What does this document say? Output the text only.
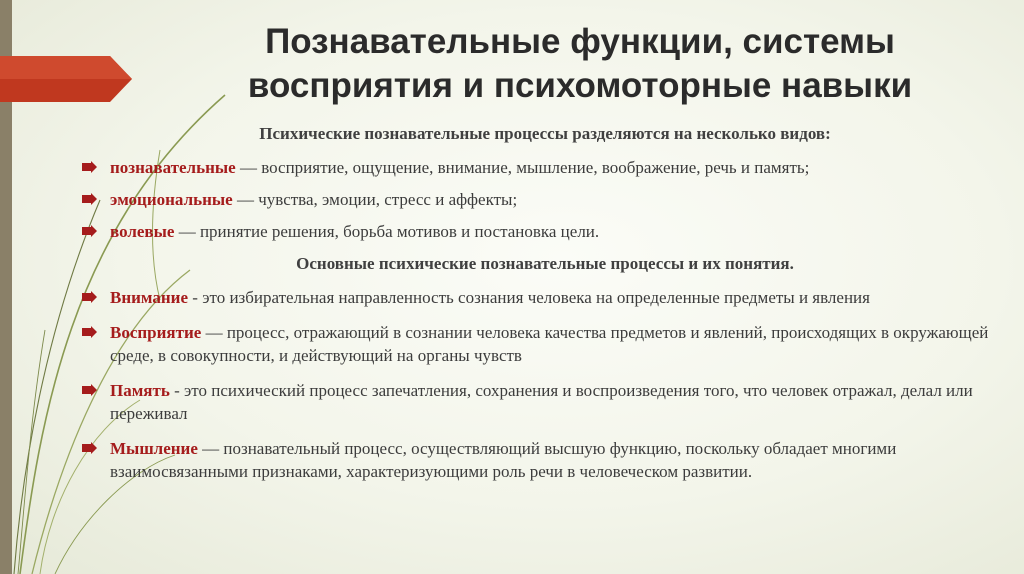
Познавательные функции, системы
восприятия и психомоторные навыки
Психические познавательные процессы разделяются на несколько видов:
познавательные — восприятие, ощущение, внимание, мышление, воображение, речь и память;
эмоциональные — чувства, эмоции, стресс и аффекты;
волевые — принятие решения, борьба мотивов и постановка цели.
Основные психические познавательные процессы и их понятия.
Внимание - это избирательная направленность сознания человека на определенные предметы и явления
Восприятие — процесс, отражающий в сознании человека качества предметов и явлений, происходящих в окружающей среде, в совокупности, и действующий на органы чувств
Память - это психический процесс запечатления, сохранения и воспроизведения того, что человек отражал, делал или переживал
Мышление — познавательный процесс, осуществляющий высшую функцию, поскольку обладает многими взаимосвязанными признаками, характеризующими роль речи в человеческом развитии.
